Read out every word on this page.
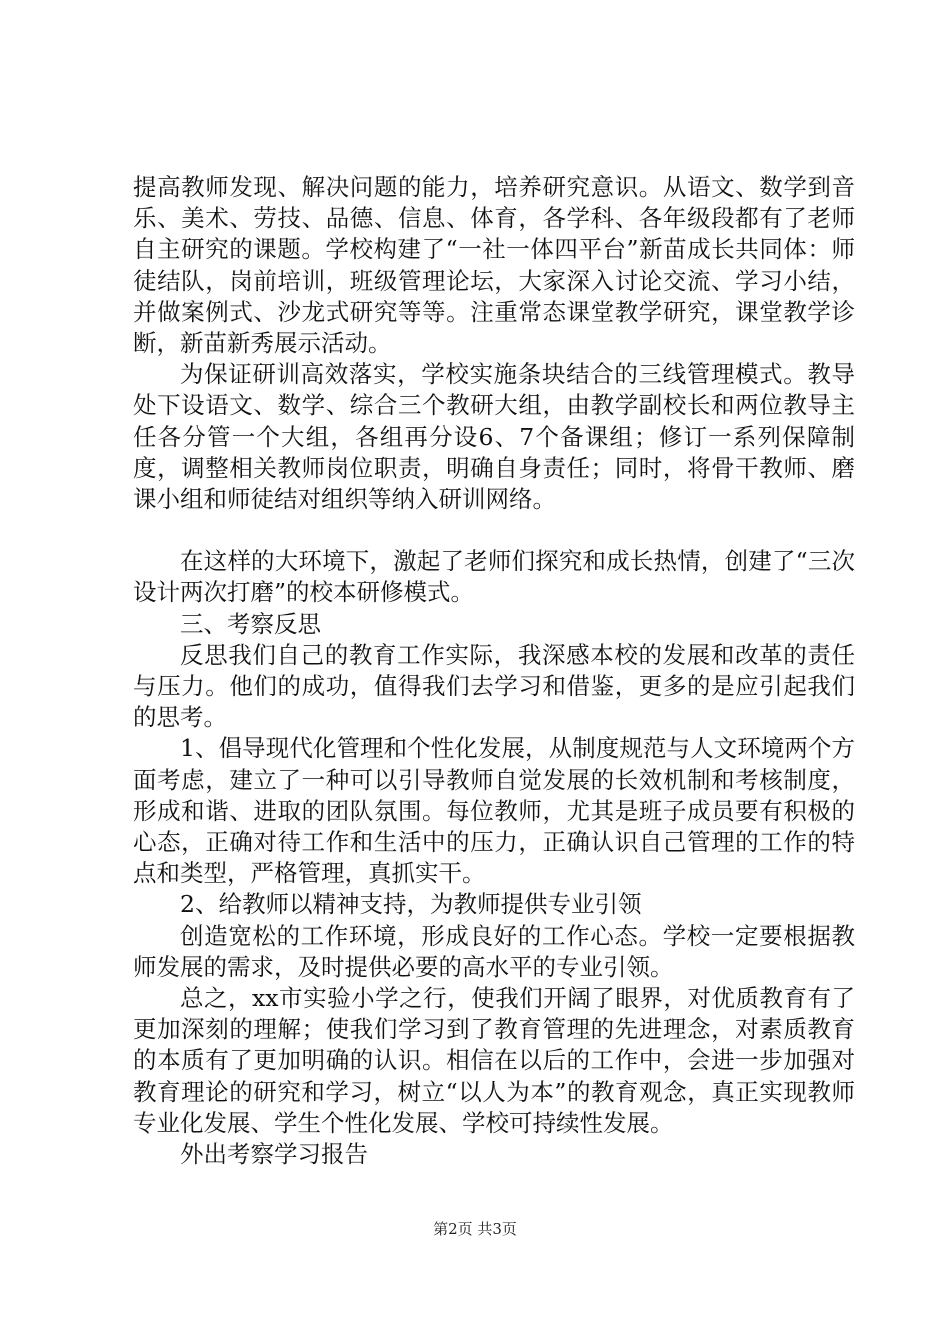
提高教师发现、解决问题的能力，培养研究意识。从语文、数学到音乐、美术、劳技、品德、信息、体育，各学科、各年级段都有了老师自主研究的课题。学校构建了“一社一体四平台”新苗成长共同体：师徒结队，岗前培训，班级管理论坛，大家深入讨论交流、学习小结，并做案例式、沙龙式研究等等。注重常态课堂教学研究，课堂教学诊断，新苗新秀展示活动。

为保证研训高效落实，学校实施条块结合的三线管理模式。教导处下设语文、数学、综合三个教研大组，由教学副校长和两位教导主任各分管一个大组，各组再分设6、7个备课组；修订一系列保障制度，调整相关教师岗位职责，明确自身责任；同时，将骨干教师、磨课小组和师徒结对组织等纳入研训网络。

在这样的大环境下，激起了老师们探究和成长热情，创建了“三次设计两次打磨”的校本研修模式。

三、考察反思

反思我们自己的教育工作实际，我深感本校的发展和改革的责任与压力。他们的成功，值得我们去学习和借鉴，更多的是应引起我们的思考。

1、倡导现代化管理和个性化发展，从制度规范与人文环境两个方面考虑，建立了一种可以引导教师自觉发展的长效机制和考核制度，形成和谐、进取的团队氛围。每位教师，尤其是班子成员要有积极的心态，正确对待工作和生活中的压力，正确认识自己管理的工作的特点和类型，严格管理，真抓实干。

2、给教师以精神支持，为教师提供专业引领

创造宽松的工作环境，形成良好的工作心态。学校一定要根据教师发展的需求，及时提供必要的高水平的专业引领。

总之，xx市实验小学之行，使我们开阔了眼界，对优质教育有了更加深刻的理解；使我们学习到了教育管理的先进理念，对素质教育的本质有了更加明确的认识。相信在以后的工作中，会进一步加强对教育理论的研究和学习，树立“以人为本”的教育观念，真正实现教师专业化发展、学生个性化发展、学校可持续性发展。

外出考察学习报告

第2页 共3页
